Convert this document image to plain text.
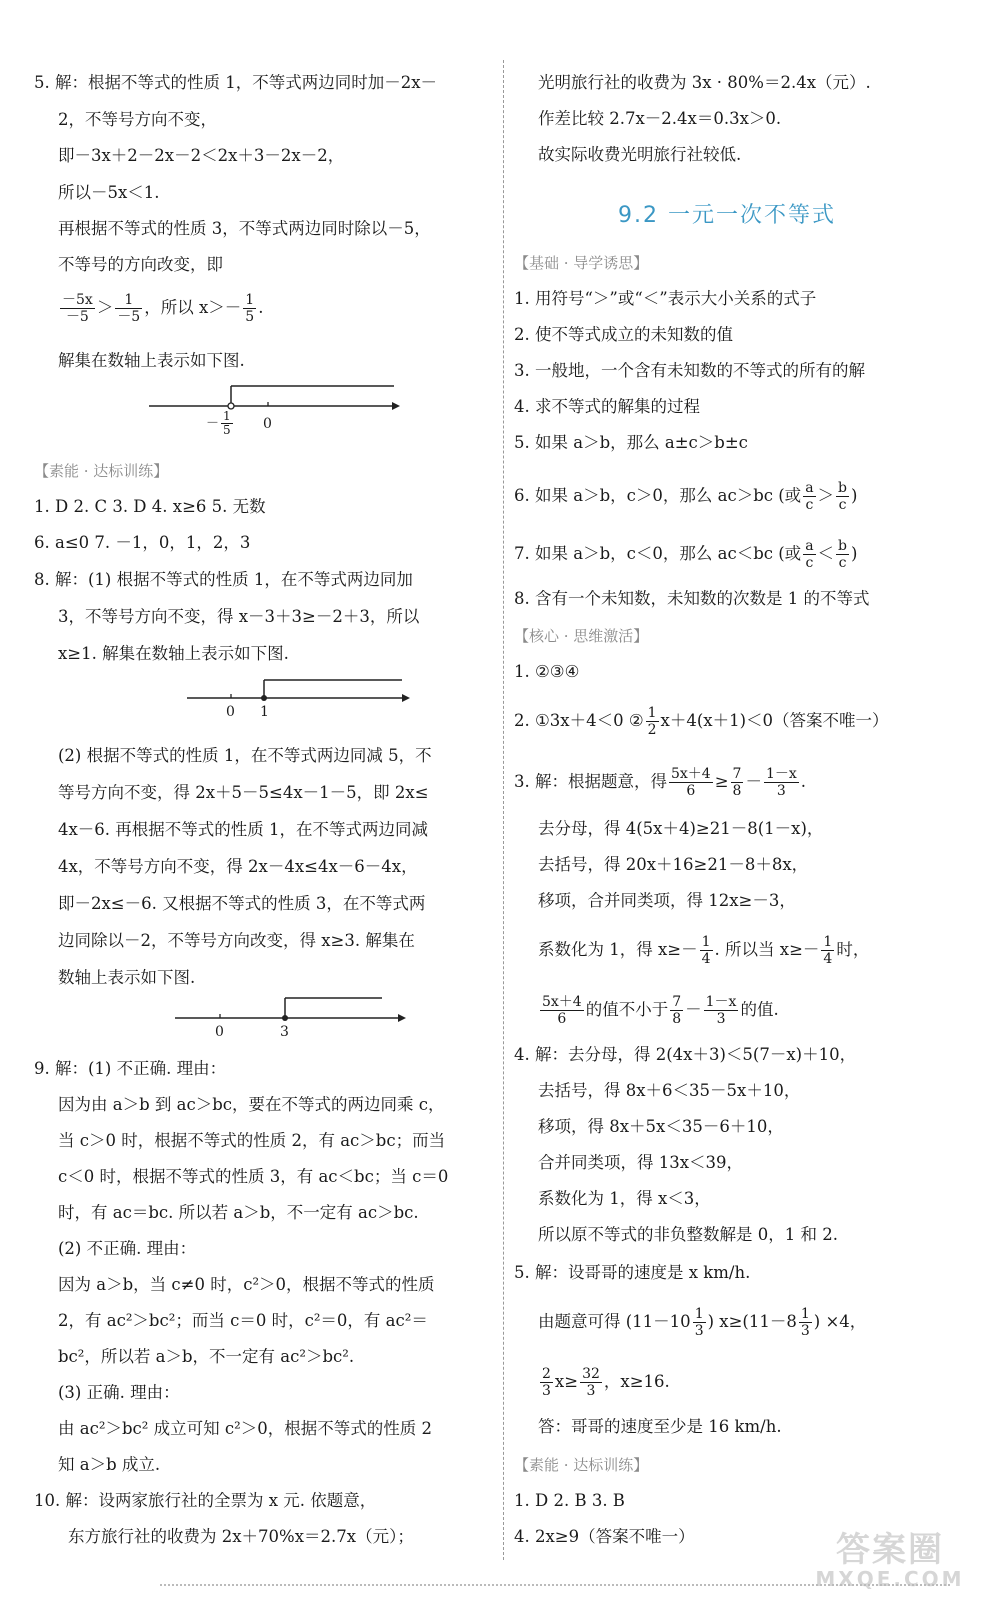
5. 解：根据不等式的性质 1，不等式两边同时加－2x－
2，不等号方向不变，
即－3x＋2－2x－2＜2x＋3－2x－2，
所以－5x＜1.
再根据不等式的性质 3，不等式两边同时除以－5，
不等号的方向改变，即
$\frac{-5x}{-5} > \frac{1}{-5}$ ，所以 $x>- \frac{1}{5}$ .
解集在数轴上表示如下图.
－ $\frac{1}{5} 0$
【素能 · 达标训练】
1. D 2. C 3. D 4. x≥6 5. 无数
6. a≤0 7. －1，0，1，2，3
8. 解：(1) 根据不等式的性质 1，在不等式两边同加
3，不等号方向不变，得 x－3＋3≥－2＋3，所以
x≥1. 解集在数轴上表示如下图.
0 1
(2) 根据不等式的性质 1，在不等式两边同减 5，不
等号方向不变，得 2x＋5－5≤4x－1－5，即 2x≤
4x－6. 再根据不等式的性质 1，在不等式两边同减
4x，不等号方向不变，得 2x－4x≤4x－6－4x，
即－2x≤－6. 又根据不等式的性质 3，在不等式两
边同除以－2，不等号方向改变，得 x≥3. 解集在
数轴上表示如下图.
0	3
9. 解：(1) 不正确. 理由：
因为由 a＞b 到 ac＞bc，要在不等式的两边同乘 c，
当 c＞0 时，根据不等式的性质 2，有 ac＞bc；而当
c＜0 时，根据不等式的性质 3，有 ac＜bc；当 c＝0
时，有 ac＝bc. 所以若 a＞b，不一定有 ac＞bc.
(2) 不正确. 理由：
因为 a＞b，当 c≠0 时，c²＞0，根据不等式的性质
2，有 ac²＞bc²；而当 c＝0 时，c²＝0，有 ac²＝
bc²，所以若 a＞b，不一定有 ac²＞bc².
(3) 正确. 理由：
由 ac²＞bc² 成立可知 c²＞0，根据不等式的性质 2
知 a＞b 成立.
10. 解：设两家旅行社的全票为 x 元. 依题意，
东方旅行社的收费为 2x＋70%x＝2.7x（元）；
光明旅行社的收费为 3x · 80%＝2.4x（元）.
作差比较 2.7x－2.4x＝0.3x＞0.
故实际收费光明旅行社较低.
9.2 一元一次不等式
【基础 · 导学诱思】
1. 用符号“＞”或“＜”表示大小关系的式子
2. 使不等式成立的未知数的值
3. 一般地，一个含有未知数的不等式的所有的解
4. 求不等式的解集的过程
5. 如果 a＞b，那么 a±c＞b±c
6. 如果 a＞b，c＞0，那么 ac＞bc (或 $\frac{a}{c} > \frac{b}{c}$ )
7. 如果 a＞b，c＜0，那么 ac＜bc (或 $\frac{a}{c} < \frac{b}{c}$ )
8. 含有一个未知数，未知数的次数是 1 的不等式
【核心 · 思维激活】
1. ②③④
2. ①3x＋4＜0 ② $\frac{1}{2} x+4(x+1)<0$（答案不唯一）
3. 解：根据题意，得 $\frac{5x+4}{6} \ge \frac{7}{8} - \frac{1-x}{3}$ .
去分母，得 4(5x＋4)≥21－8(1－x)，
去括号，得 20x＋16≥21－8＋8x，
移项，合并同类项，得 12x≥－3，
系数化为 1，得 $x\ge- \frac{1}{4}$ . 所以当 $x\ge- \frac{1}{4}$ 时，
$\frac{5x+4}{6}$ 的值不小于 $\frac{7}{8} - \frac{1-x}{3}$ 的值.
4. 解：去分母，得 2(4x＋3)＜5(7－x)＋10，
去括号，得 8x＋6＜35－5x＋10，
移项，得 8x＋5x＜35－6＋10，
合并同类项，得 13x＜39，
系数化为 1，得 x＜3，
所以原不等式的非负整数解是 0，1 和 2.
5. 解：设哥哥的速度是 x km/h.
由题意可得 ($11-10 \frac{1}{3}$ ) $x\ge(11-8 \frac{1}{3}$ ) ×4，
$\frac{2}{3} x\ge \frac{32}{3}$ ，x≥16.
答：哥哥的速度至少是 16 km/h.
【素能 · 达标训练】
1. D 2. B 3. B
4. 2x≥9（答案不唯一）	答案圈
MXQE.COM
